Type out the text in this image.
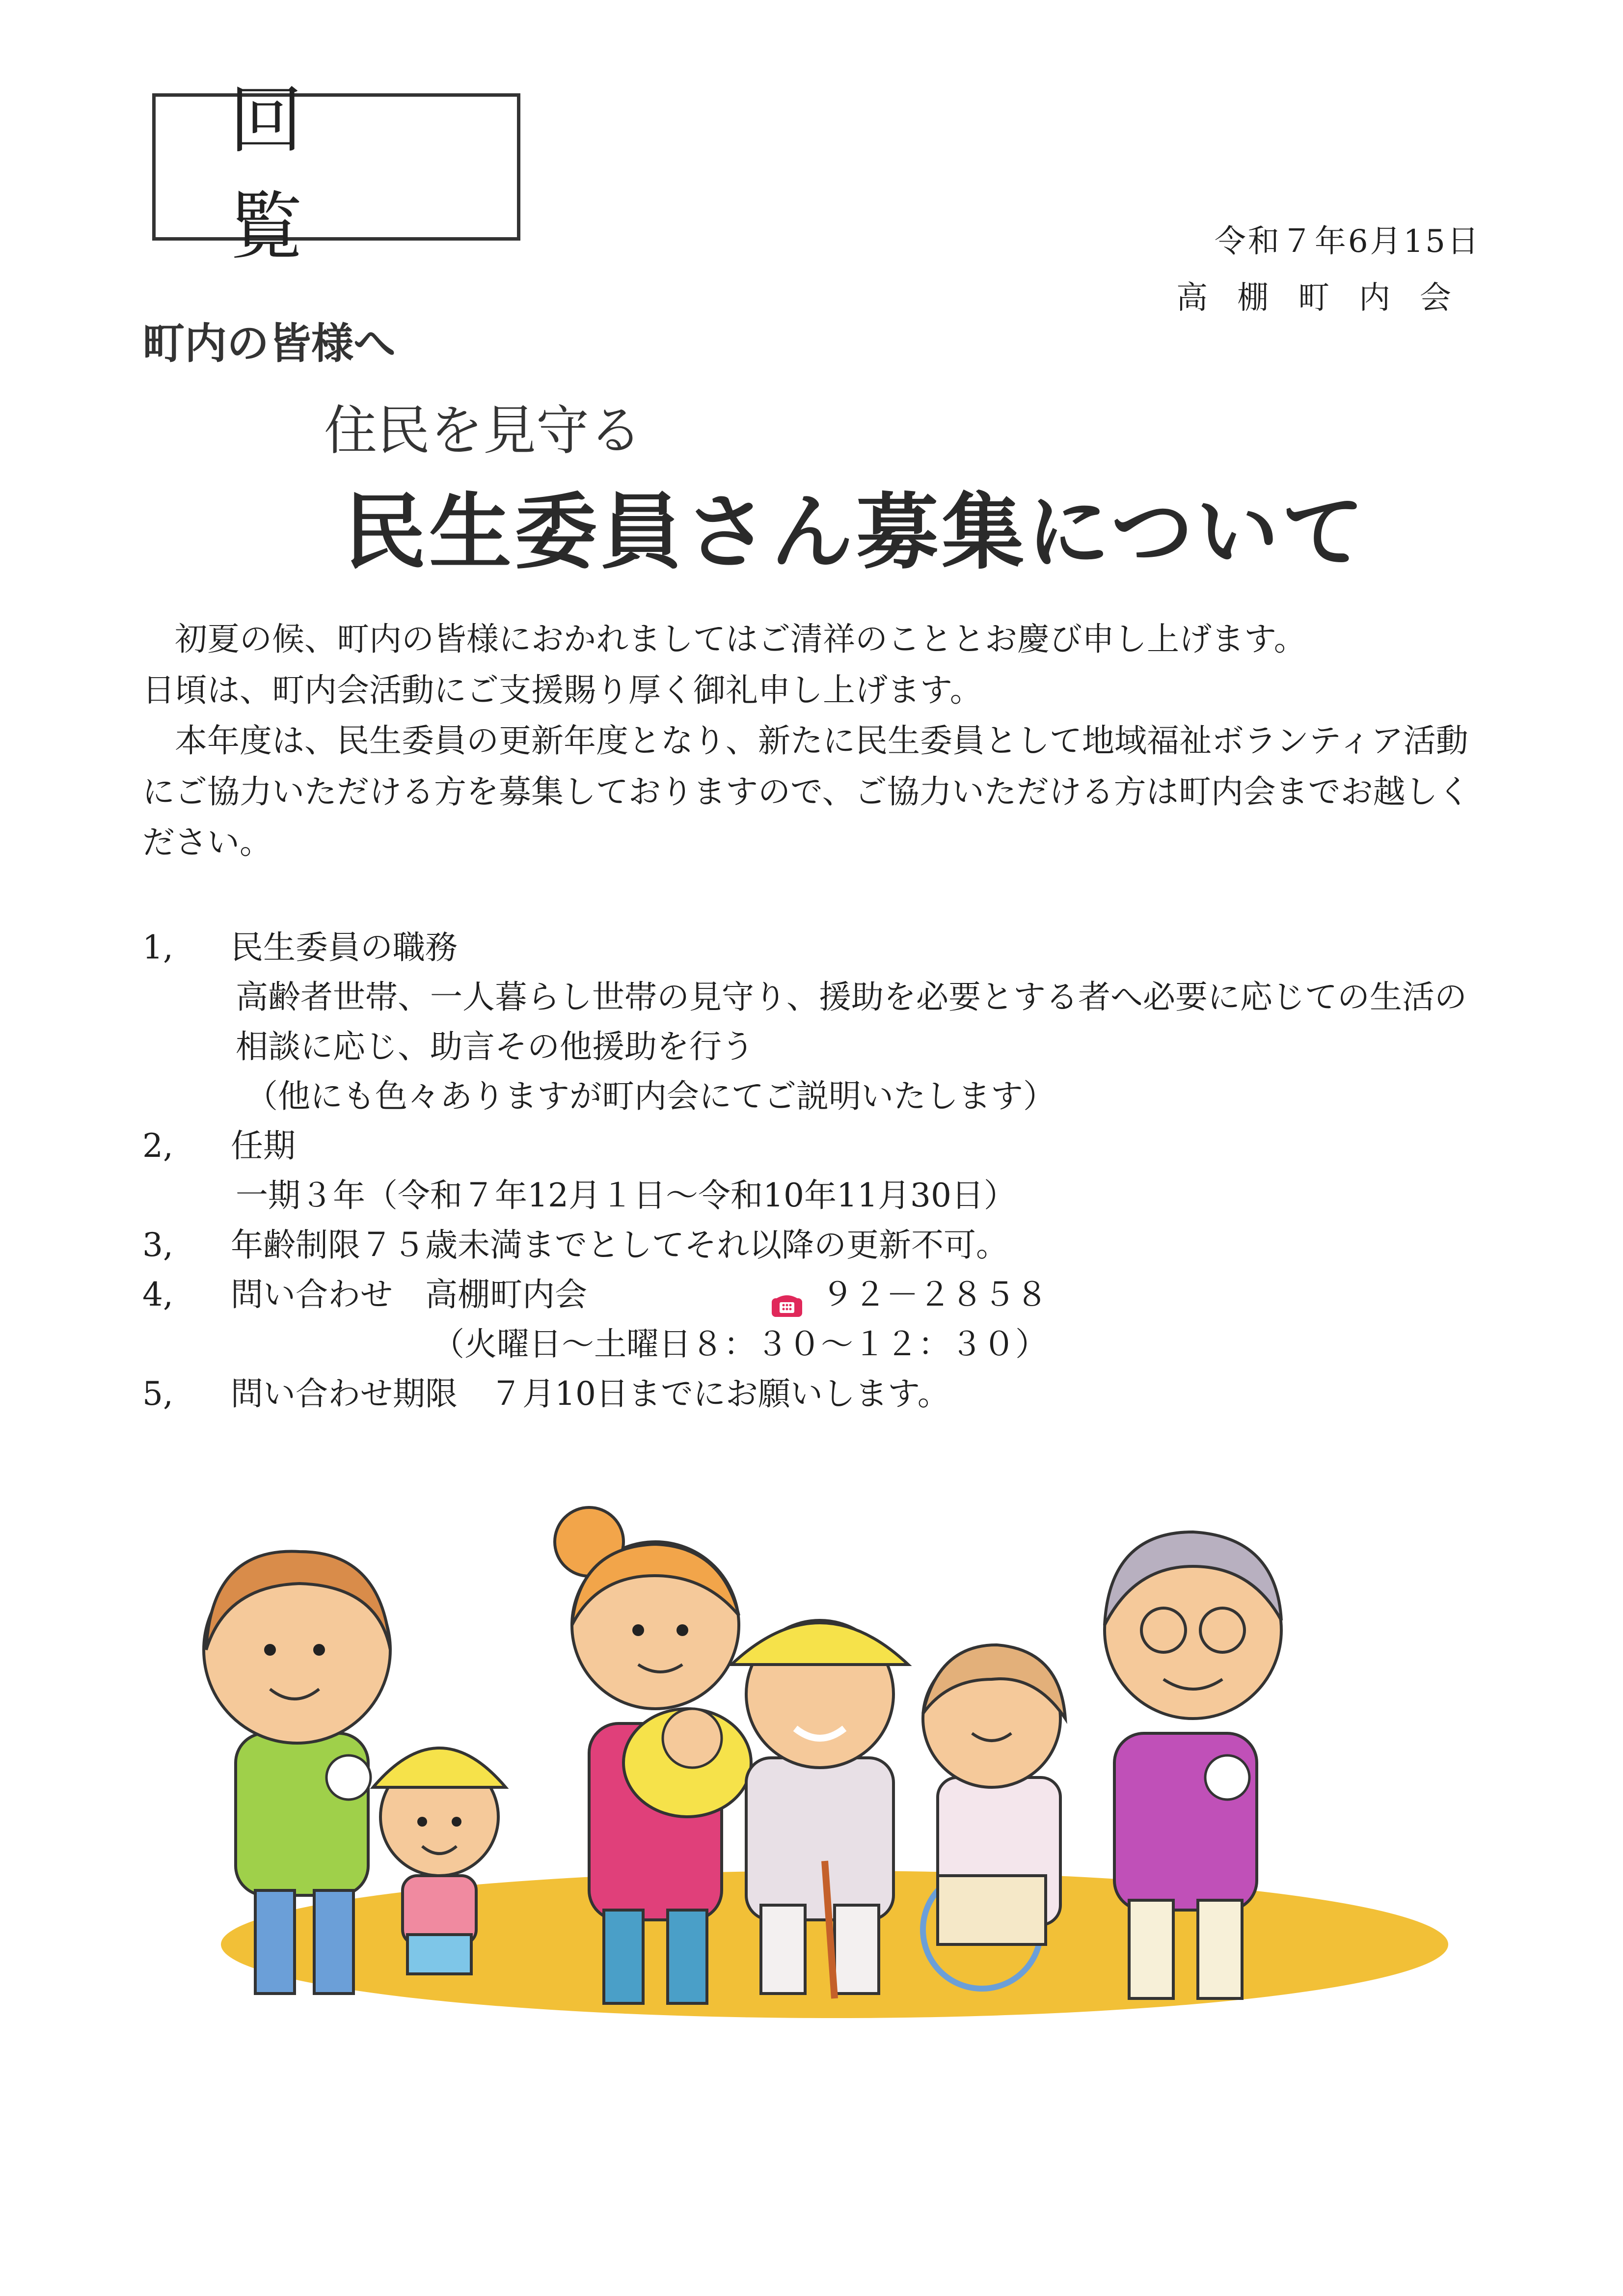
回 覧	令和７年6月15日
高棚町内会
町内の皆様へ
住民を見守る
民生委員さん募集について

　初夏の候、町内の皆様におかれましてはご清祥のこととお慶び申し上げます。

日頃は、町内会活動にご支援賜り厚く御礼申し上げます。

　本年度は、民生委員の更新年度となり、新たに民生委員として地域福祉ボランティア活動にご協力いただける方を募集しておりますので、ご協力いただける方は町内会までお越しください。

1,	民生委員の職務
高齢者世帯、一人暮らし世帯の見守り、援助を必要とする者へ必要に応じての生活の相談に応じ、助言その他援助を行う
（他にも色々ありますが町内会にてご説明いたします）
2,	任期
一期３年（令和７年12月１日～令和10年11月30日）
3,	年齢制限７５歳未満までとしてそれ以降の更新不可。
4,	問い合わせ　高棚町内会	９２－２８５８
（火曜日～土曜日８：３０～１２：３０）
5,	問い合わせ期限　７月10日までにお願いします。
